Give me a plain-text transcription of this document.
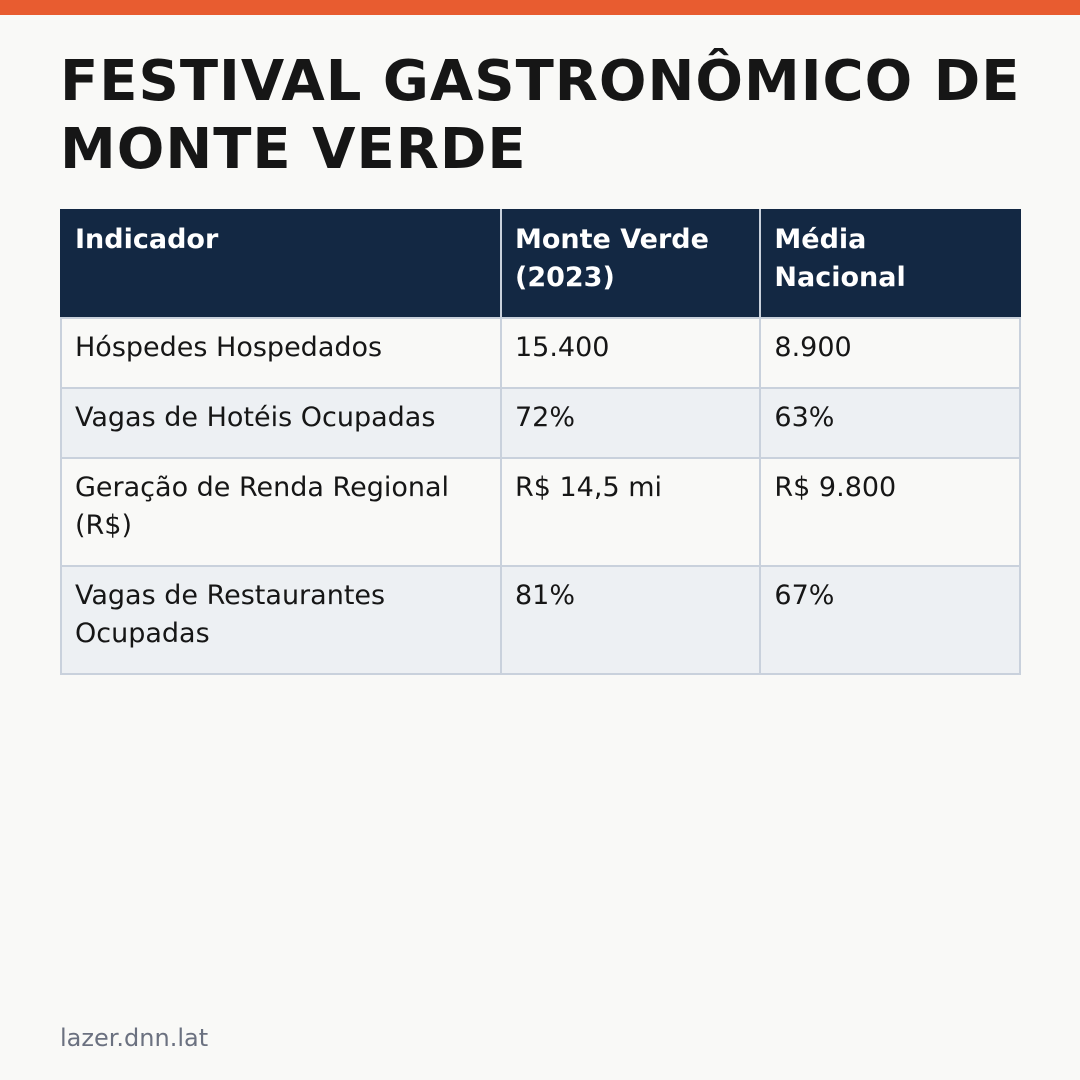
FESTIVAL GASTRONÔMICO DE MONTE VERDE
Indicador	Monte Verde (2023)	Média Nacional
Hóspedes Hospedados	15.400	8.900
Vagas de Hotéis Ocupadas	72%	63%
Geração de Renda Regional (R$)	R$ 14,5 mi	R$ 9.800
Vagas de Restaurantes Ocupadas	81%	67%
lazer.dnn.lat
